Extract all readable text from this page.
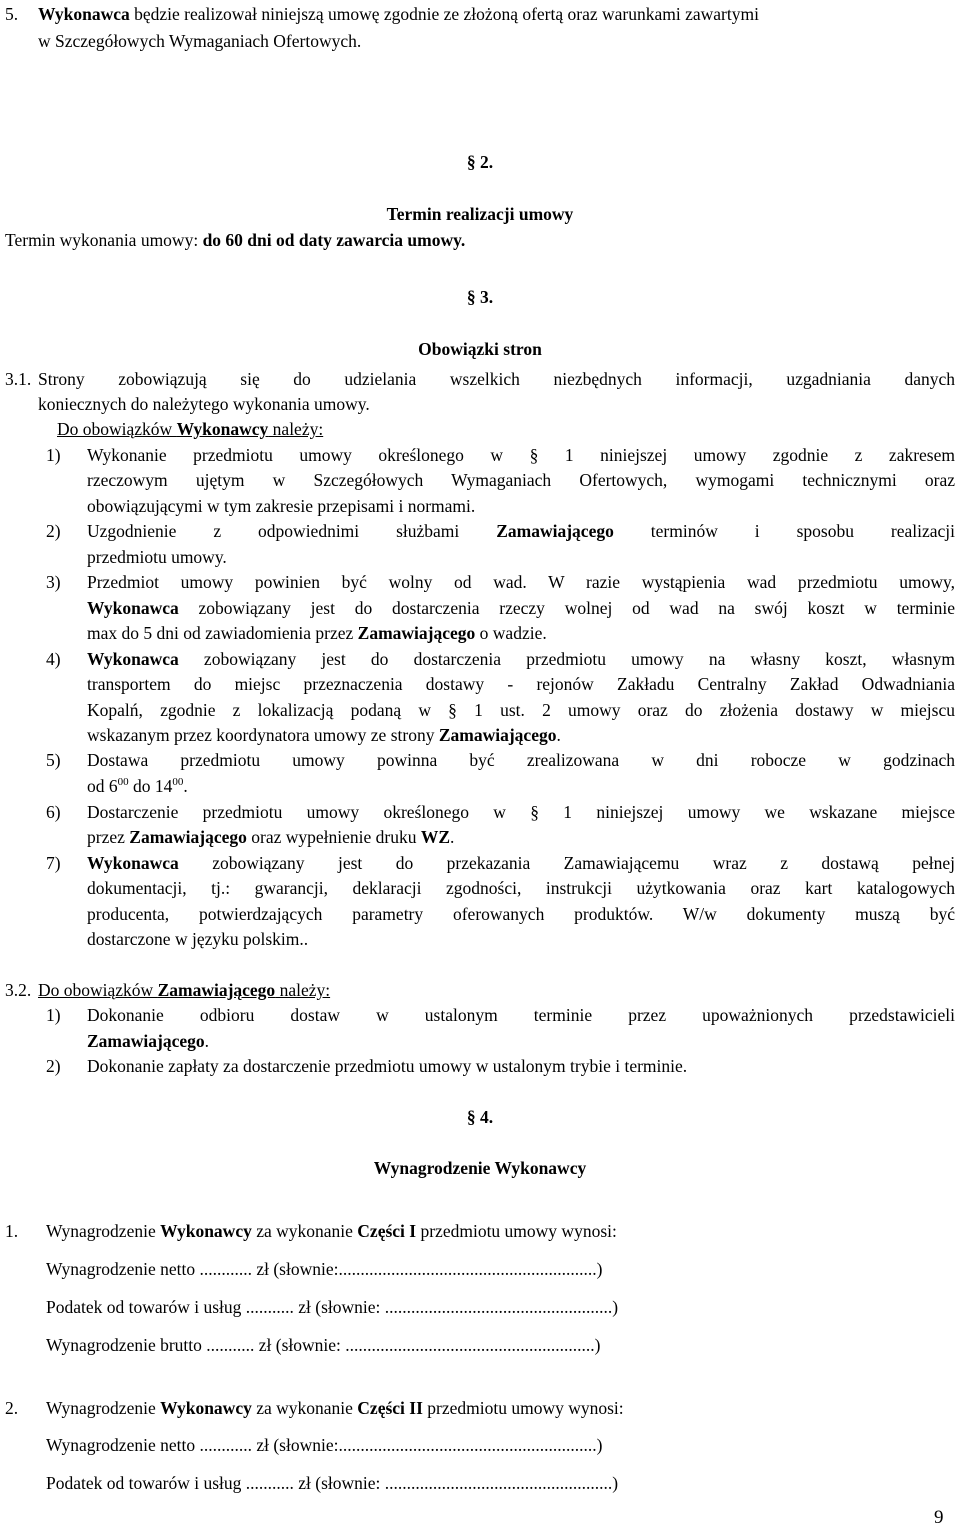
5. Wykonawca będzie realizował niniejszą umowę zgodnie ze złożoną ofertą oraz warunkami zawartymi
w Szczegółowych Wymaganiach Ofertowych.
§ 2.
Termin realizacji umowy
Termin wykonania umowy: do 60 dni od daty zawarcia umowy.
§ 3.
Obowiązki stron
3.1. Strony zobowiązują się do udzielania wszelkich niezbędnych informacji, uzgadniania danych
koniecznych do należytego wykonania umowy.
Do obowiązków Wykonawcy należy:
1) Wykonanie przedmiotu umowy określonego w § 1 niniejszej umowy zgodnie z zakresem
rzeczowym ujętym w Szczegółowych Wymaganiach Ofertowych, wymogami technicznymi oraz
obowiązującymi w tym zakresie przepisami i normami.
2) Uzgodnienie z odpowiednimi służbami Zamawiającego terminów i sposobu realizacji
przedmiotu umowy.
3) Przedmiot umowy powinien być wolny od wad. W razie wystąpienia wad przedmiotu umowy,
Wykonawca zobowiązany jest do dostarczenia rzeczy wolnej od wad na swój koszt w terminie
max do 5 dni od zawiadomienia przez Zamawiającego o wadzie.
4) Wykonawca zobowiązany jest do dostarczenia przedmiotu umowy na własny koszt, własnym
transportem do miejsc przeznaczenia dostawy - rejonów Zakładu Centralny Zakład Odwadniania
Kopalń, zgodnie z lokalizacją podaną w § 1 ust. 2 umowy oraz do złożenia dostawy w miejscu
wskazanym przez koordynatora umowy ze strony Zamawiającego.
5) Dostawa przedmiotu umowy powinna być zrealizowana w dni robocze w godzinach
od $6^{00}$ do $14^{00}$.
6) Dostarczenie przedmiotu umowy określonego w § 1 niniejszej umowy we wskazane miejsce
przez Zamawiającego oraz wypełnienie druku WZ.
7) Wykonawca zobowiązany jest do przekazania Zamawiającemu wraz z dostawą pełnej
dokumentacji, tj.: gwarancji, deklaracji zgodności, instrukcji użytkowania oraz kart katalogowych
producenta, potwierdzających parametry oferowanych produktów. W/w dokumenty muszą być
dostarczone w języku polskim..
3.2. Do obowiązków Zamawiającego należy:
1) Dokonanie odbioru dostaw w ustalonym terminie przez upoważnionych przedstawicieli
Zamawiającego.
2) Dokonanie zapłaty za dostarczenie przedmiotu umowy w ustalonym trybie i terminie.
§ 4.
Wynagrodzenie Wykonawcy
1. Wynagrodzenie Wykonawcy za wykonanie Części I przedmiotu umowy wynosi:
Wynagrodzenie netto ............ zł (słownie:...........................................................)
Podatek od towarów i usług ........... zł (słownie: ....................................................)
Wynagrodzenie brutto ........... zł (słownie: .........................................................)
2. Wynagrodzenie Wykonawcy za wykonanie Części II przedmiotu umowy wynosi:
Wynagrodzenie netto ............ zł (słownie:...........................................................)
Podatek od towarów i usług ........... zł (słownie: ....................................................)
9
